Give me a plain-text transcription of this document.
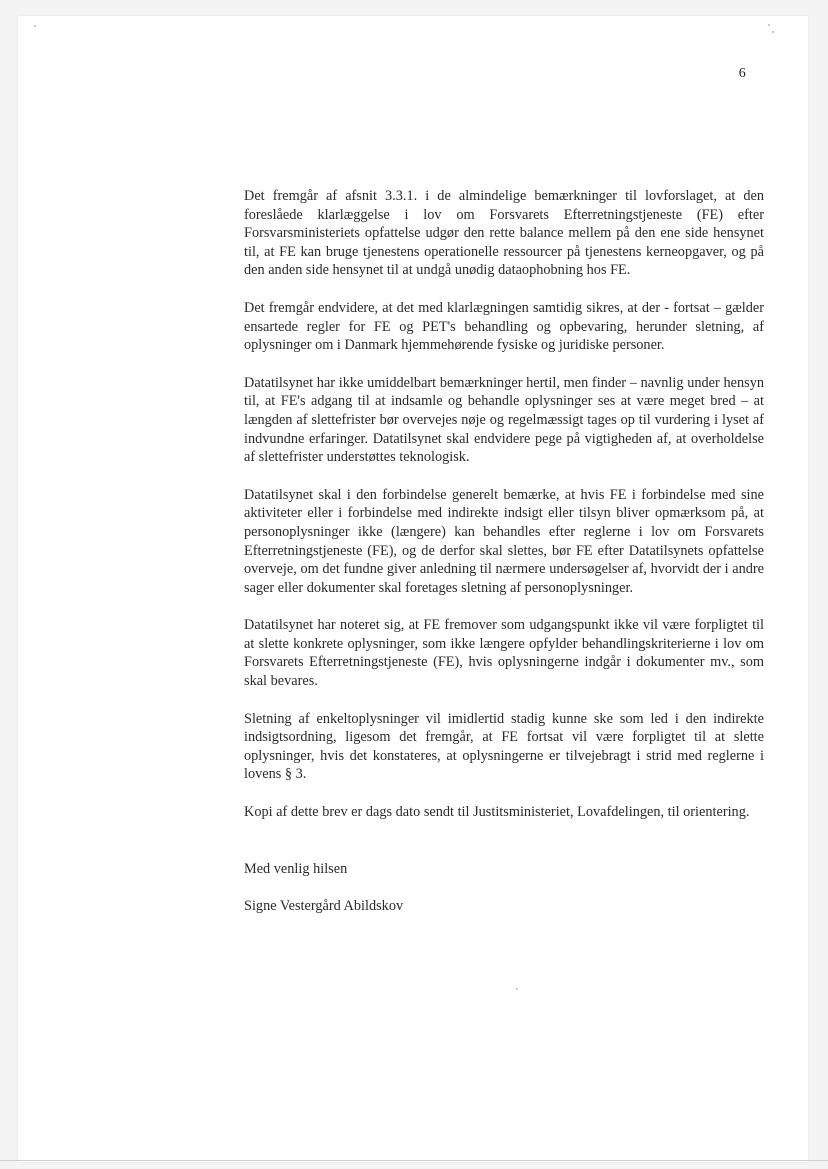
6

Det fremgår af afsnit 3.3.1. i de almindelige bemærkninger til lovforslaget, at den foreslåede klarlæggelse i lov om Forsvarets Efterretningstjeneste (FE) efter Forsvarsministeriets opfattelse udgør den rette balance mellem på den ene side hensynet til, at FE kan bruge tjenestens operationelle ressourcer på tjenestens kerneopgaver, og på den anden side hensynet til at undgå unødig dataophobning hos FE.

Det fremgår endvidere, at det med klarlægningen samtidig sikres, at der - fortsat – gælder ensartede regler for FE og PET's behandling og opbevaring, herunder sletning, af oplysninger om i Danmark hjemmehørende fysiske og juridiske personer.

Datatilsynet har ikke umiddelbart bemærkninger hertil, men finder – navnlig under hensyn til, at FE's adgang til at indsamle og behandle oplysninger ses at være meget bred – at længden af slettefrister bør overvejes nøje og regelmæssigt tages op til vurdering i lyset af indvundne erfaringer. Datatilsynet skal endvidere pege på vigtigheden af, at overholdelse af slettefrister understøttes teknologisk.

Datatilsynet skal i den forbindelse generelt bemærke, at hvis FE i forbindelse med sine aktiviteter eller i forbindelse med indirekte indsigt eller tilsyn bliver opmærksom på, at personoplysninger ikke (længere) kan behandles efter reglerne i lov om Forsvarets Efterretningstjeneste (FE), og de derfor skal slettes, bør FE efter Datatilsynets opfattelse overveje, om det fundne giver anledning til nærmere undersøgelser af, hvorvidt der i andre sager eller dokumenter skal foretages sletning af personoplysninger.

Datatilsynet har noteret sig, at FE fremover som udgangspunkt ikke vil være forpligtet til at slette konkrete oplysninger, som ikke længere opfylder behandlingskriterierne i lov om Forsvarets Efterretningstjeneste (FE), hvis oplysningerne indgår i dokumenter mv., som skal bevares.

Sletning af enkeltoplysninger vil imidlertid stadig kunne ske som led i den indirekte indsigtsordning, ligesom det fremgår, at FE fortsat vil være forpligtet til at slette oplysninger, hvis det konstateres, at oplysningerne er tilvejebragt i strid med reglerne i lovens § 3.

Kopi af dette brev er dags dato sendt til Justitsministeriet, Lovafdelingen, til orientering.

Med venlig hilsen

Signe Vestergård Abildskov
